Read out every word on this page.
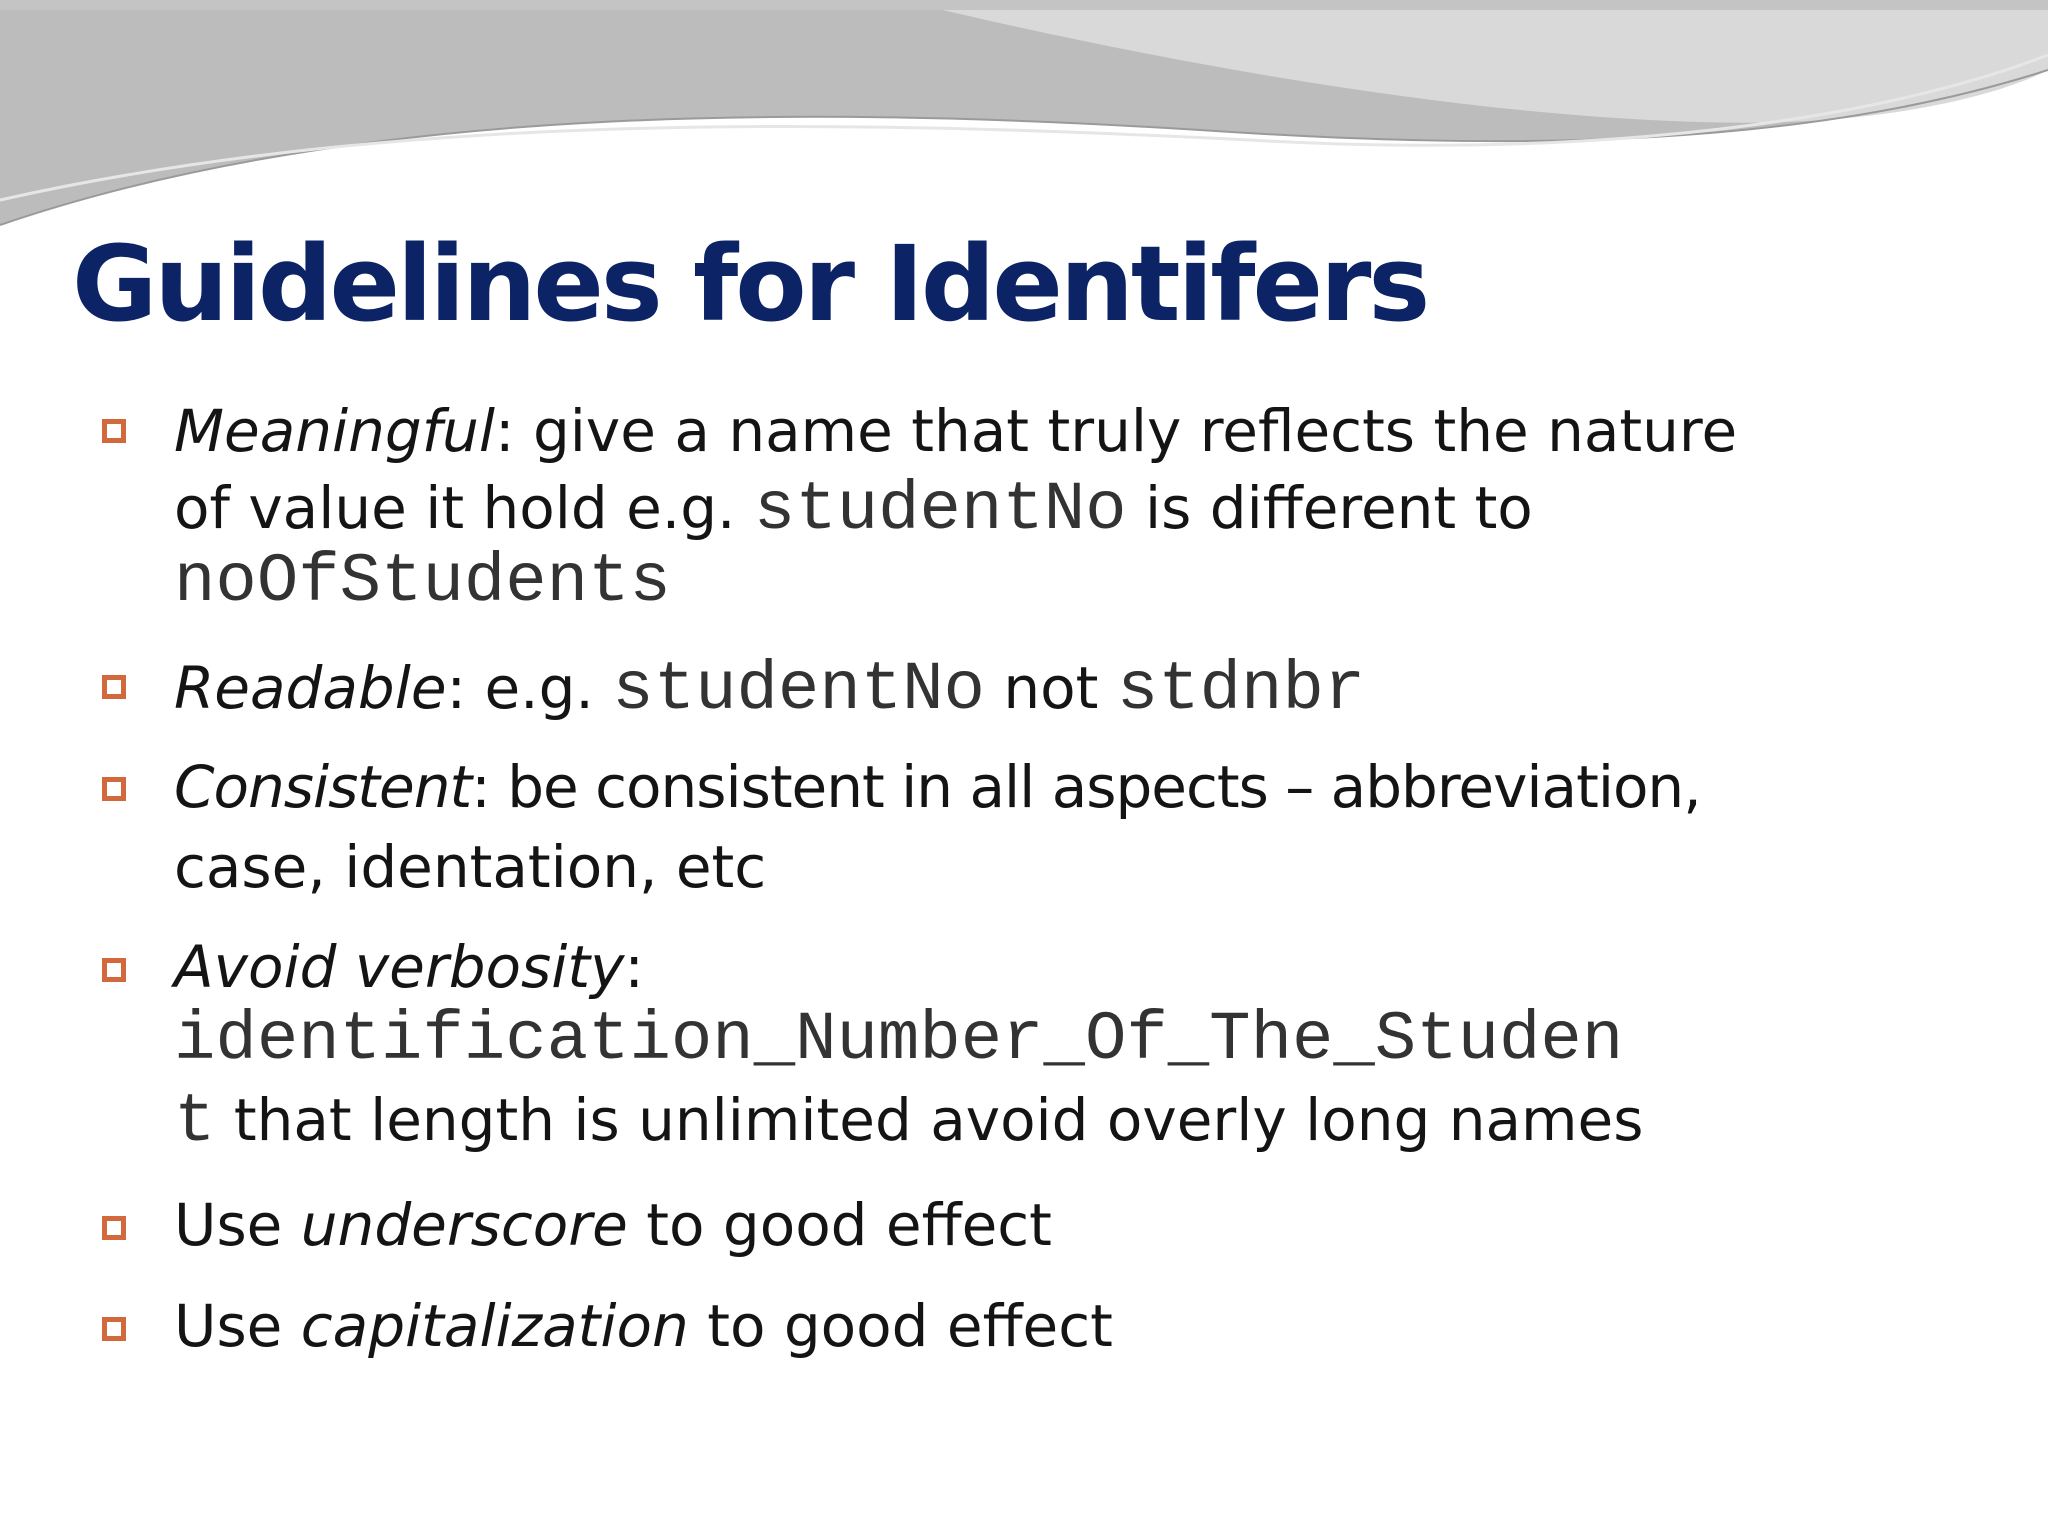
Guidelines for Identifers

Meaningful: give a name that truly reflects the nature

of value it hold e.g. studentNo is different to

noOfStudents

Readable: e.g. studentNo not stdnbr

Consistent: be consistent in all aspects – abbreviation,

case, identation, etc

Avoid verbosity:

identification_Number_Of_The_Studen

t that length is unlimited avoid overly long names

Use underscore to good effect

Use capitalization to good effect
